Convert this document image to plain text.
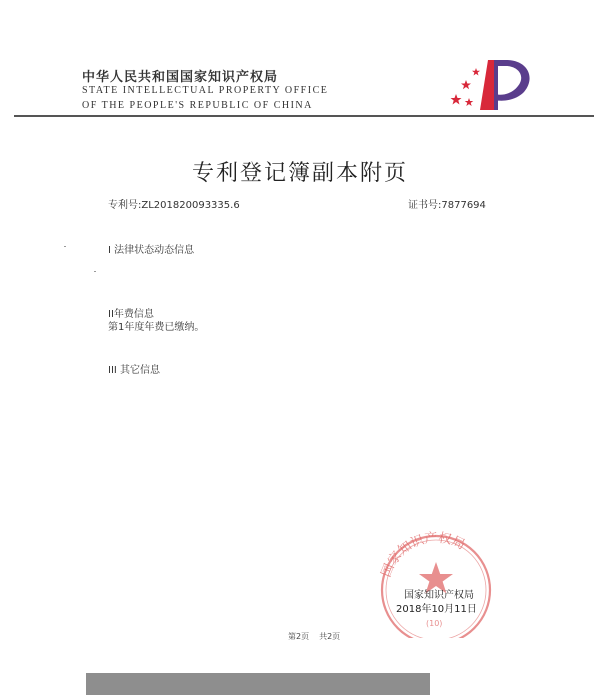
中华人民共和国国家知识产权局
STATE INTELLECTUAL PROPERTY OFFICE
OF THE PEOPLE'S REPUBLIC OF CHINA
专利登记簿副本附页
专利号:ZL201820093335.6	证书号:7877694
I 法律状态动态信息
II年费信息
第1年度年费已缴纳。
III 其它信息
国家知识产权局
(10)
国家知识产权局
2018年10月11日
第2页 共2页
